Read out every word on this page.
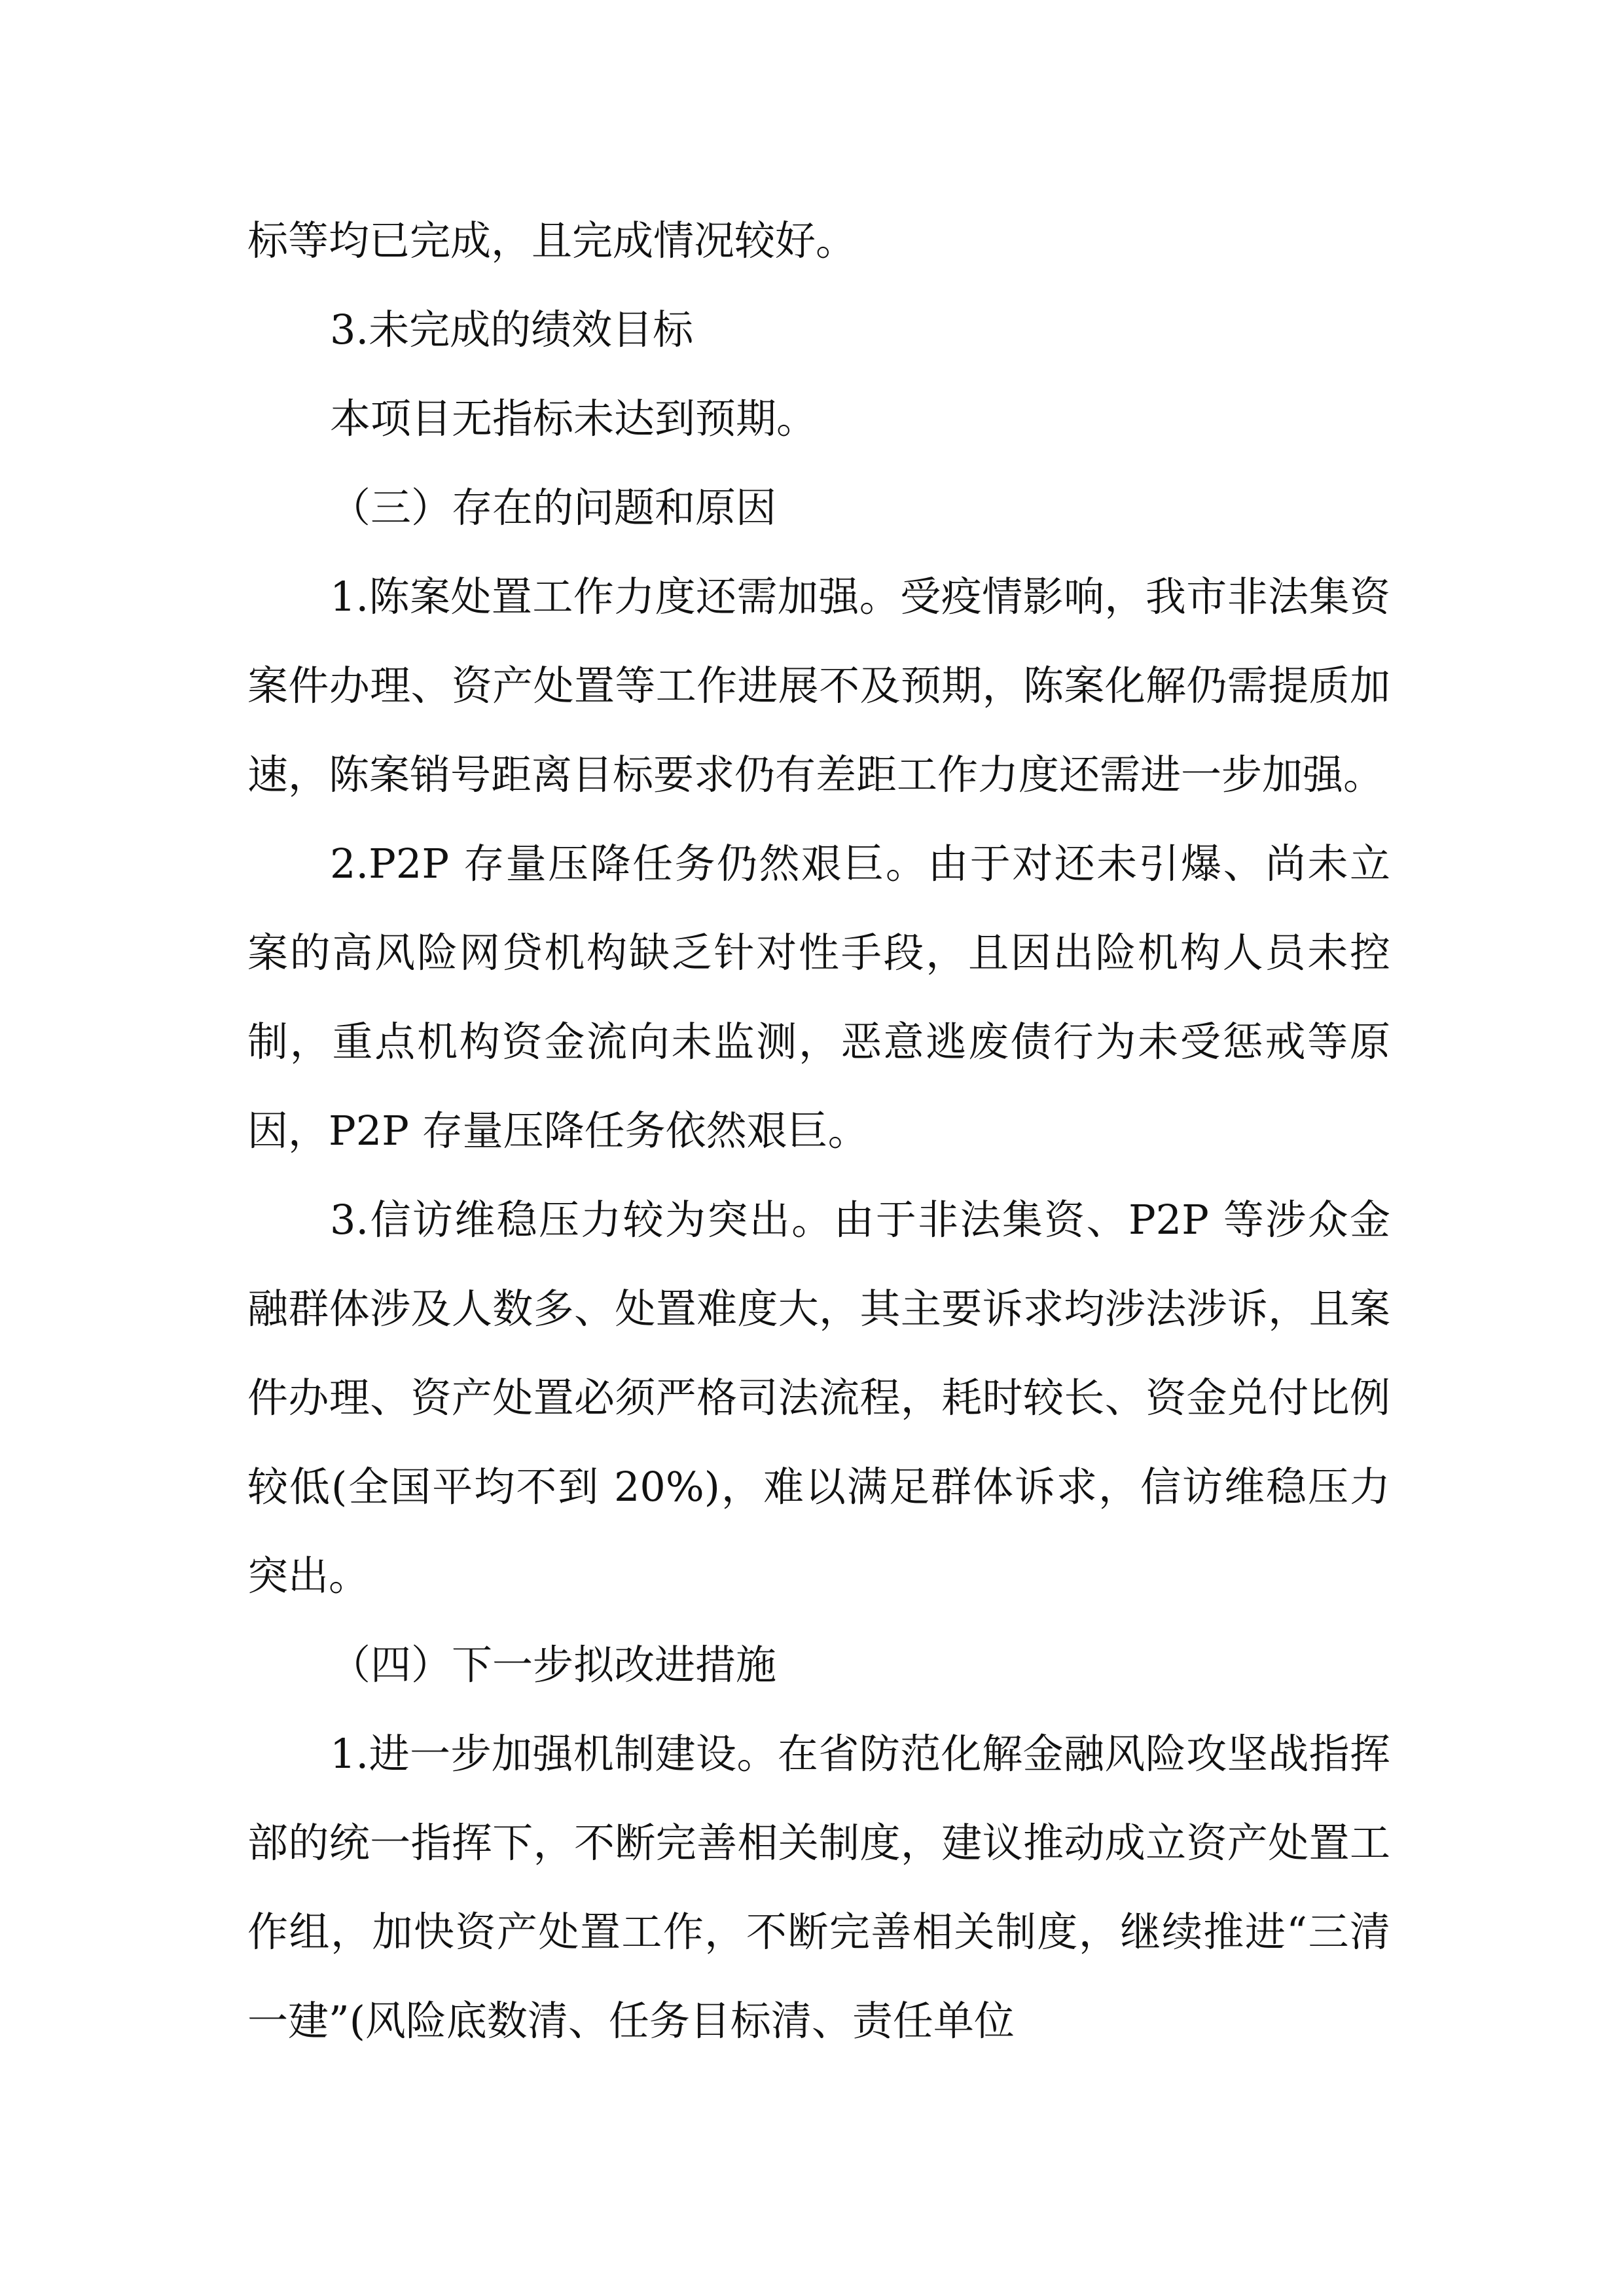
标等均已完成，且完成情况较好。

3.未完成的绩效目标

本项目无指标未达到预期。

（三）存在的问题和原因

1.陈案处置工作力度还需加强。受疫情影响，我市非法集资案件办理、资产处置等工作进展不及预期，陈案化解仍需提质加速，陈案销号距离目标要求仍有差距工作力度还需进一步加强。

2.P2P 存量压降任务仍然艰巨。由于对还未引爆、尚未立案的高风险网贷机构缺乏针对性手段，且因出险机构人员未控制，重点机构资金流向未监测，恶意逃废债行为未受惩戒等原因，P2P 存量压降任务依然艰巨。

3.信访维稳压力较为突出。由于非法集资、P2P 等涉众金融群体涉及人数多、处置难度大，其主要诉求均涉法涉诉，且案件办理、资产处置必须严格司法流程，耗时较长、资金兑付比例较低(全国平均不到 20%)，难以满足群体诉求，信访维稳压力突出。

（四）下一步拟改进措施

1.进一步加强机制建设。在省防范化解金融风险攻坚战指挥部的统一指挥下，不断完善相关制度，建议推动成立资产处置工作组，加快资产处置工作，不断完善相关制度，继续推进“三清一建”(风险底数清、任务目标清、责任单位
